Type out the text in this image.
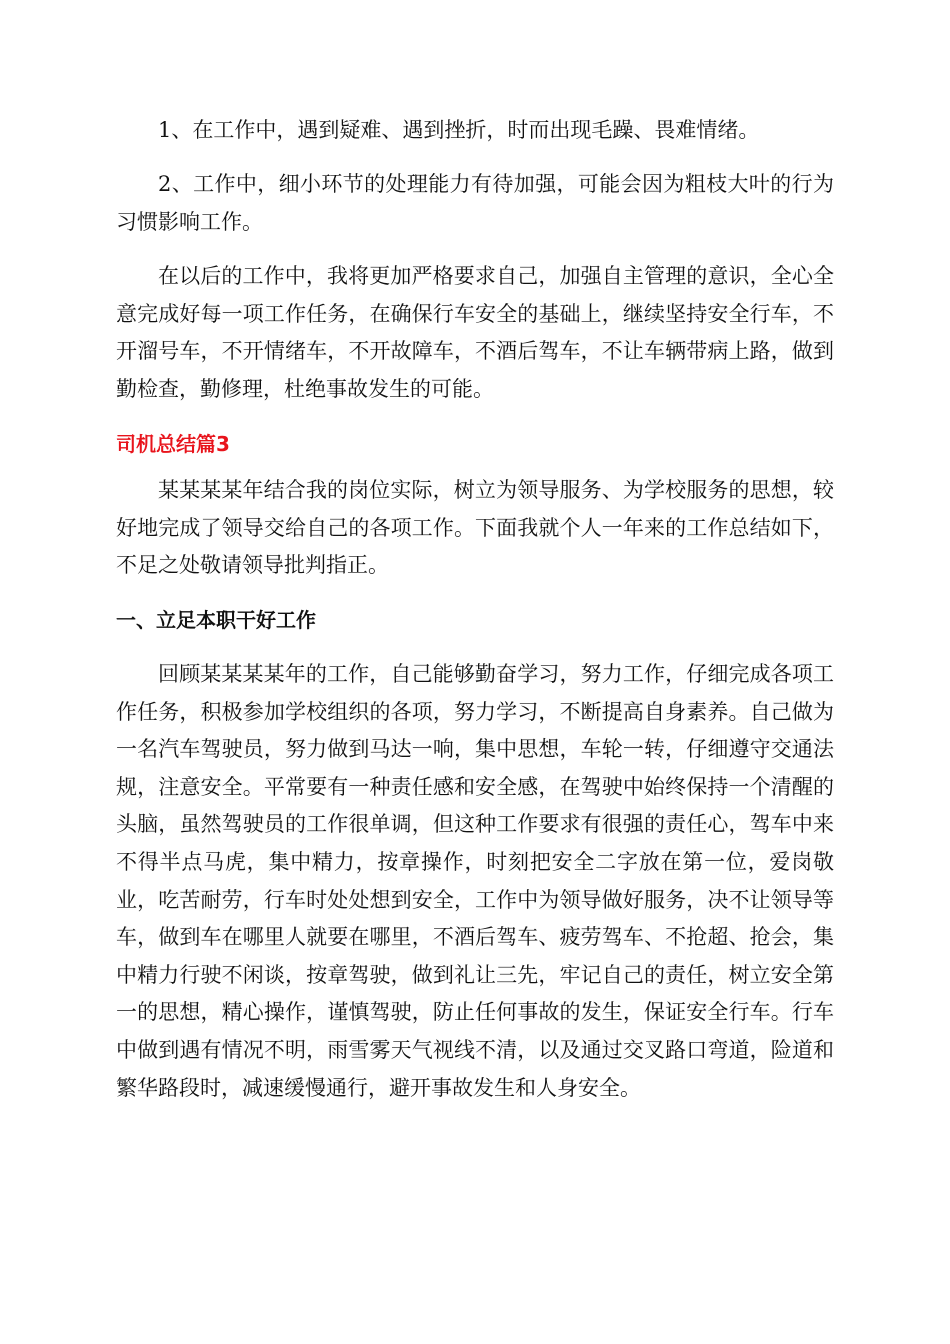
1、在工作中，遇到疑难、遇到挫折，时而出现毛躁、畏难情绪。

2、工作中，细小环节的处理能力有待加强，可能会因为粗枝大叶的行为习惯影响工作。

在以后的工作中，我将更加严格要求自己，加强自主管理的意识，全心全意完成好每一项工作任务，在确保行车安全的基础上，继续坚持安全行车，不开溜号车，不开情绪车，不开故障车，不酒后驾车，不让车辆带病上路，做到勤检查，勤修理，杜绝事故发生的可能。

司机总结篇3

某某某某年结合我的岗位实际，树立为领导服务、为学校服务的思想，较好地完成了领导交给自己的各项工作。下面我就个人一年来的工作总结如下，不足之处敬请领导批判指正。

一、立足本职干好工作

回顾某某某某年的工作，自己能够勤奋学习，努力工作，仔细完成各项工作任务，积极参加学校组织的各项，努力学习，不断提高自身素养。自己做为一名汽车驾驶员，努力做到马达一响，集中思想，车轮一转，仔细遵守交通法规，注意安全。平常要有一种责任感和安全感，在驾驶中始终保持一个清醒的头脑，虽然驾驶员的工作很单调，但这种工作要求有很强的责任心，驾车中来不得半点马虎，集中精力，按章操作，时刻把安全二字放在第一位，爱岗敬业，吃苦耐劳，行车时处处想到安全，工作中为领导做好服务，决不让领导等车，做到车在哪里人就要在哪里，不酒后驾车、疲劳驾车、不抢超、抢会，集中精力行驶不闲谈，按章驾驶，做到礼让三先，牢记自己的责任，树立安全第一的思想，精心操作，谨慎驾驶，防止任何事故的发生，保证安全行车。行车中做到遇有情况不明，雨雪雾天气视线不清，以及通过交叉路口弯道，险道和繁华路段时，减速缓慢通行，避开事故发生和人身安全。
